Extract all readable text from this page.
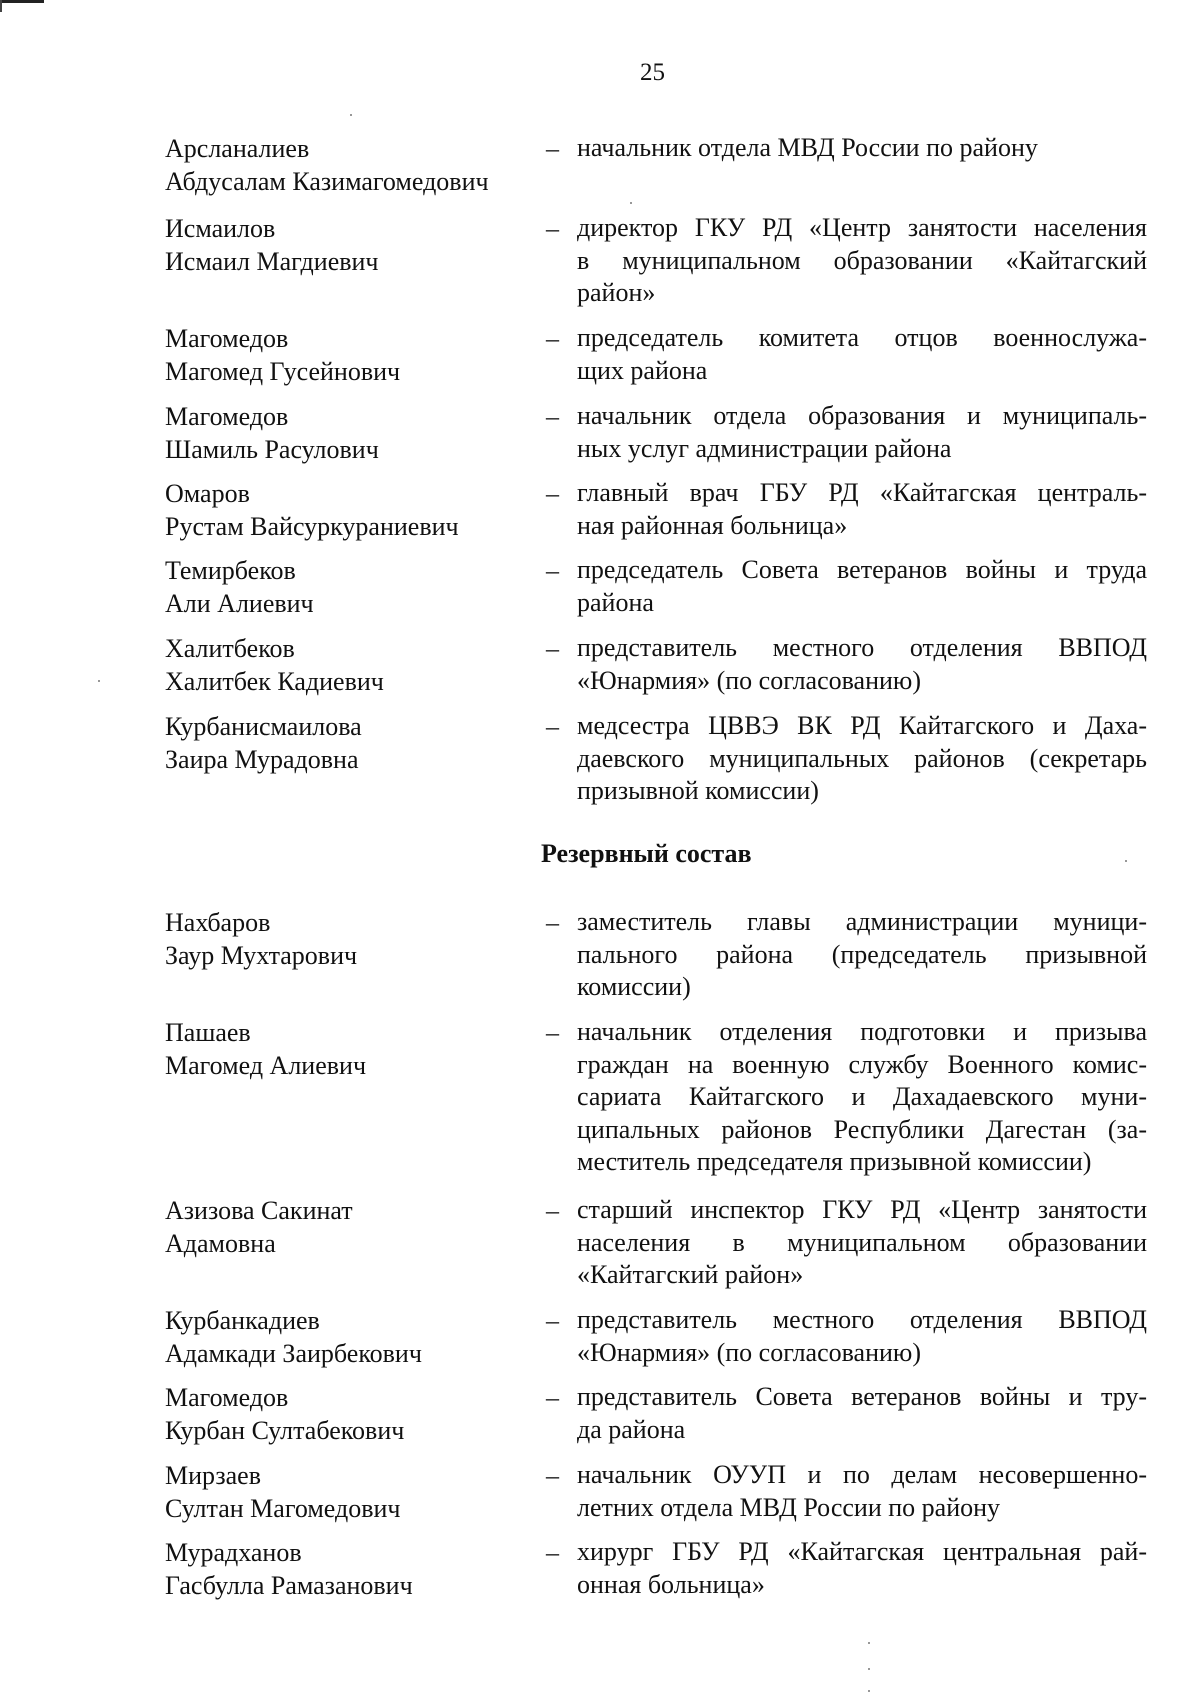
25
Арсланалиев
Абдусалам Казимагомедович
– начальник отдела МВД России по району
Исмаилов
Исмаил Магдиевич
– директор ГКУ РД «Центр занятости населения
в муниципальном образовании «Кайтагский
район»
Магомедов
Магомед Гусейнович
– председатель комитета отцов военнослужа-
щих района
Магомедов
Шамиль Расулович
– начальник отдела образования и муниципаль-
ных услуг администрации района
Омаров
Рустам Вайсуркураниевич
– главный врач ГБУ РД «Кайтагская централь-
ная районная больница»
Темирбеков
Али Алиевич
– председатель Совета ветеранов войны и труда
района
Халитбеков
Халитбек Кадиевич
– представитель местного отделения ВВПОД
«Юнармия» (по согласованию)
Курбанисмаилова
Заира Мурадовна
– медсестра ЦВВЭ ВК РД Кайтагского и Даха-
даевского муниципальных районов (секретарь
призывной комиссии)
Нахбаров
Заур Мухтарович
– заместитель главы администрации муници-
пального района (председатель призывной
комиссии)
Пашаев
Магомед Алиевич
– начальник отделения подготовки и призыва
граждан на военную службу Военного комис-
сариата Кайтагского и Дахадаевского муни-
ципальных районов Республики Дагестан (за-
меститель председателя призывной комиссии)
Азизова Сакинат
Адамовна
– старший инспектор ГКУ РД «Центр занятости
населения в муниципальном образовании
«Кайтагский район»
Курбанкадиев
Адамкади Заирбекович
– представитель местного отделения ВВПОД
«Юнармия» (по согласованию)
Магомедов
Курбан Султабекович
– представитель Совета ветеранов войны и тру-
да района
Мирзаев
Султан Магомедович
– начальник ОУУП и по делам несовершенно-
летних отдела МВД России по району
Мурадханов
Гасбулла Рамазанович
– хирург ГБУ РД «Кайтагская центральная рай-
онная больница»
Резервный состав
